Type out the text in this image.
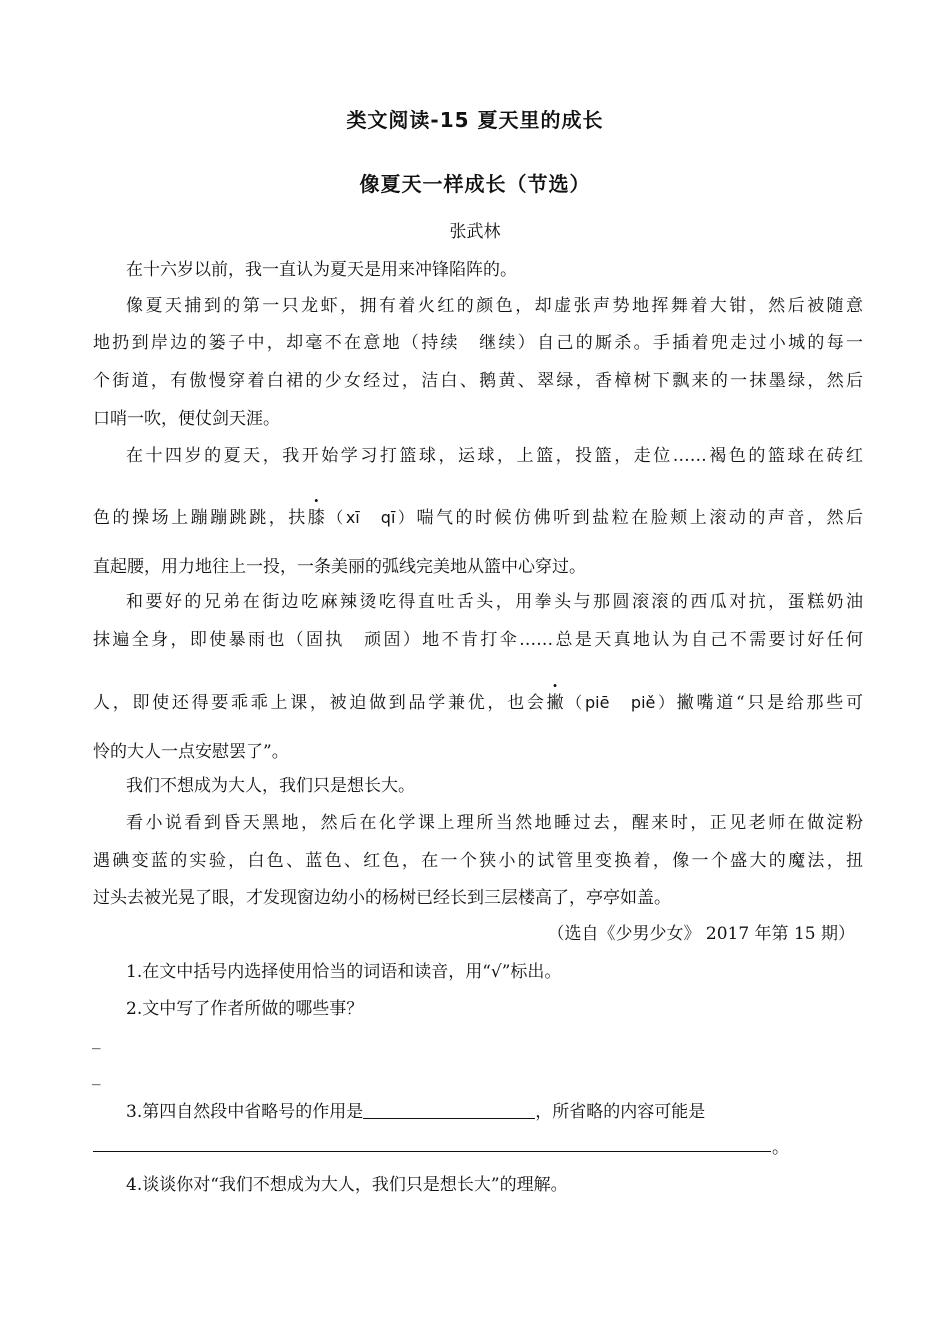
类文阅读-15 夏天里的成长
像夏天一样成长（节选）
张武林
在十六岁以前，我一直认为夏天是用来冲锋陷阵的。
像夏天捕到的第一只龙虾，拥有着火红的颜色，却虚张声势地挥舞着大钳，然后被随意
地扔到岸边的篓子中，却毫不在意地（持续　继续）自己的厮杀。手插着兜走过小城的每一
个街道，有傲慢穿着白裙的少女经过，洁白、鹅黄、翠绿，香樟树下飘来的一抹墨绿，然后
口哨一吹，便仗剑天涯。
在十四岁的夏天，我开始学习打篮球，运球，上篮，投篮，走位……褐色的篮球在砖红
色的操场上蹦蹦跳跳，扶膝（xī　qī）喘气的时候仿佛听到盐粒在脸颊上滚动的声音，然后
直起腰，用力地往上一投，一条美丽的弧线完美地从篮中心穿过。
和要好的兄弟在街边吃麻辣烫吃得直吐舌头，用拳头与那圆滚滚的西瓜对抗，蛋糕奶油
抹遍全身，即使暴雨也（固执　顽固）地不肯打伞……总是天真地认为自己不需要讨好任何
人，即使还得要乖乖上课，被迫做到品学兼优，也会撇（piē　piě）撇嘴道“只是给那些可
怜的大人一点安慰罢了”。
我们不想成为大人，我们只是想长大。
看小说看到昏天黑地，然后在化学课上理所当然地睡过去，醒来时，正见老师在做淀粉
遇碘变蓝的实验，白色、蓝色、红色，在一个狭小的试管里变换着，像一个盛大的魔法，扭
过头去被光晃了眼，才发现窗边幼小的杨树已经长到三层楼高了，亭亭如盖。
（选自《少男少女》 2017 年第 15 期）
1.在文中括号内选择使用恰当的词语和读音，用“√”标出。
2.文中写了作者所做的哪些事？
_
_
3.第四自然段中省略号的作用是	，所省略的内容可能是
。
4.谈谈你对“我们不想成为大人，我们只是想长大”的理解。
